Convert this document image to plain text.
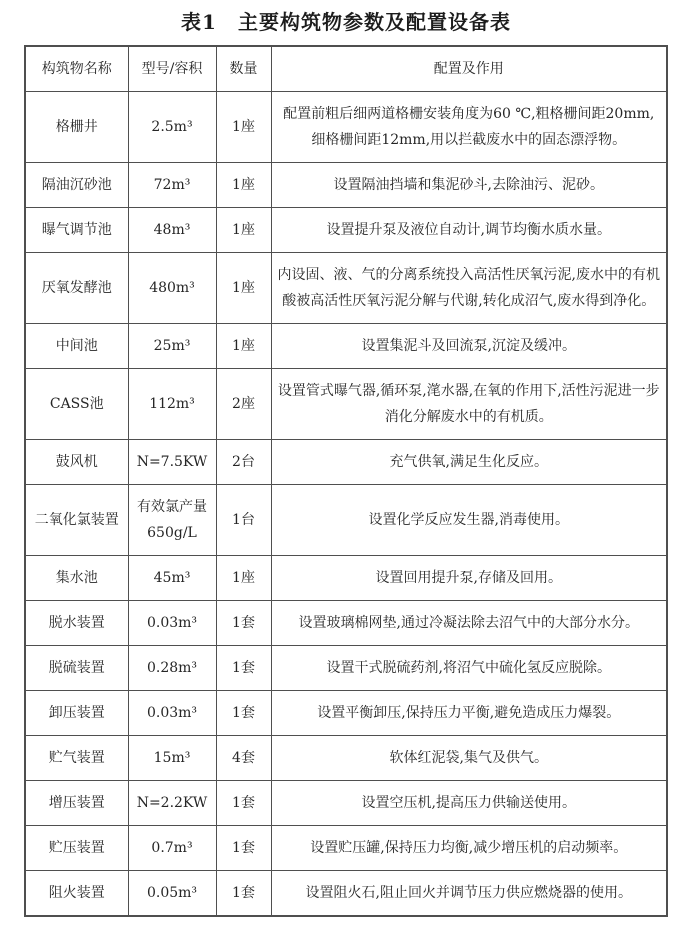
表1　主要构筑物参数及配置设备表
构筑物名称	型号/容积	数量	配置及作用
格栅井	2.5m³	1座	配置前粗后细两道格栅安装角度为60 ℃,粗格栅间距20mm,细格栅间距12mm,用以拦截废水中的固态漂浮物。
隔油沉砂池	72m³	1座	设置隔油挡墙和集泥砂斗,去除油污、泥砂。
曝气调节池	48m³	1座	设置提升泵及液位自动计,调节均衡水质水量。
厌氧发酵池	480m³	1座	内设固、液、气的分离系统投入高活性厌氧污泥,废水中的有机酸被高活性厌氧污泥分解与代谢,转化成沼气,废水得到净化。
中间池	25m³	1座	设置集泥斗及回流泵,沉淀及缓冲。
CASS池	112m³	2座	设置管式曝气器,循环泵,滗水器,在氧的作用下,活性污泥进一步消化分解废水中的有机质。
鼓风机	N=7.5KW	2台	充气供氧,满足生化反应。
二氧化氯装置	有效氯产量650g/L	1台	设置化学反应发生器,消毒使用。
集水池	45m³	1座	设置回用提升泵,存储及回用。
脱水装置	0.03m³	1套	设置玻璃棉网垫,通过冷凝法除去沼气中的大部分水分。
脱硫装置	0.28m³	1套	设置干式脱硫药剂,将沼气中硫化氢反应脱除。
卸压装置	0.03m³	1套	设置平衡卸压,保持压力平衡,避免造成压力爆裂。
贮气装置	15m³	4套	软体红泥袋,集气及供气。
增压装置	N=2.2KW	1套	设置空压机,提高压力供输送使用。
贮压装置	0.7m³	1套	设置贮压罐,保持压力均衡,减少增压机的启动频率。
阻火装置	0.05m³	1套	设置阻火石,阻止回火并调节压力供应燃烧器的使用。
